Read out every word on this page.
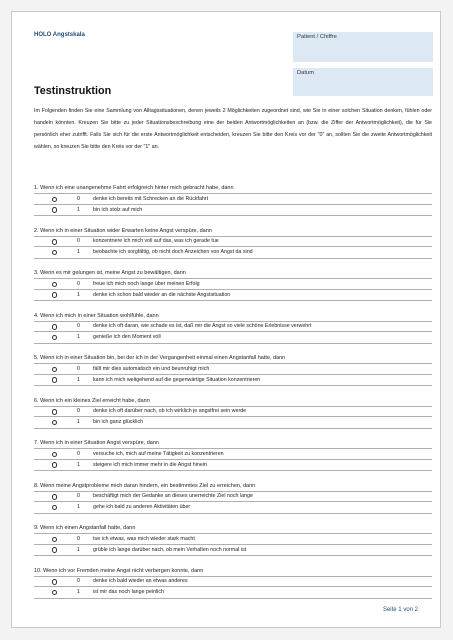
HOLO Angstskala	Patient / Chiffre
Datum
Testinstruktion

Im Folgenden finden Sie eine Sammlung von Alltagssituationen, denen jeweils 2 Möglichkeiten zugeordnet sind, wie Sie in einer solchen Situation denken, fühlen oder handeln könnten. Kreuzen Sie bitte zu jeder Situationsbeschreibung eine der beiden Antwortmöglichkeiten an (bzw. die Ziffer der Antwortmöglichkeit), die für Sie persönlich eher zutrifft. Falls Sie sich für die erste Antwortmöglichkeit entscheiden, kreuzen Sie bitte den Kreis vor der "0" an, sollten Sie die zweite Antwortmöglichkeit wählen, so kreuzen Sie bitte den Kreis vor der "1" an.

1. Wenn ich eine unangenehme Fahrt erfolgreich hinter mich gebracht habe, dann
0 denke ich bereits mit Schrecken an die Rückfahrt
1 bin ich stolz auf mich
2. Wenn ich in einer Situation wider Erwarten keine Angst verspüre, dann
0 konzentriere ich mich voll auf das, was ich gerade tue
1 beobachte ich sorgfältig, ob nicht doch Anzeichen von Angst da sind
3. Wenn es mir gelungen ist, meine Angst zu bewältigen, dann
0 freue ich mich noch lange über meinen Erfolg
1 denke ich schon bald wieder an die nächste Angstsituation
4. Wenn ich mich in einer Situation wohlfühle, dann
0 denke ich oft daran, wie schade es ist, daß mir die Angst so viele schöne Erlebnisse verwehrt
1 genieße ich den Moment voll
5. Wenn ich in einer Situation bin, bei der ich in der Vergangenheit einmal einen Angstanfall hatte, dann
0 fällt mir dies automatisch ein und beunruhigt mich
1 kann ich mich weitgehend auf die gegenwärtige Situation konzentrieren
6. Wenn ich ein kleines Ziel erreicht habe, dann
0 denke ich oft darüber nach, ob ich wirklich je angstfrei sein werde
1 bin ich ganz glücklich
7. Wenn ich in einer Situation Angst verspüre, dann
0 versuche ich, mich auf meine Tätigkeit zu konzentrieren
1 steigere ich mich immer mehr in die Angst hinein
8. Wenn meine Angstprobleme mich daran hindern, ein bestimmtes Ziel zu erreichen, dann
0 beschäftigt mich der Gedanke an dieses unerreichte Ziel noch lange
1 gehe ich bald zu anderen Aktivitäten über
9. Wenn ich einen Angstanfall hatte, dann
0 tue ich etwas, was mich wieder stark macht
1 grüble ich lange darüber nach, ob mein Verhalten noch normal ist
10. Wenn ich vor Fremden meine Angst nicht verbergen konnte, dann
0 denke ich bald wieder an etwas anderes
1 ist mir das noch lange peinlich
Seite 1 von 2
